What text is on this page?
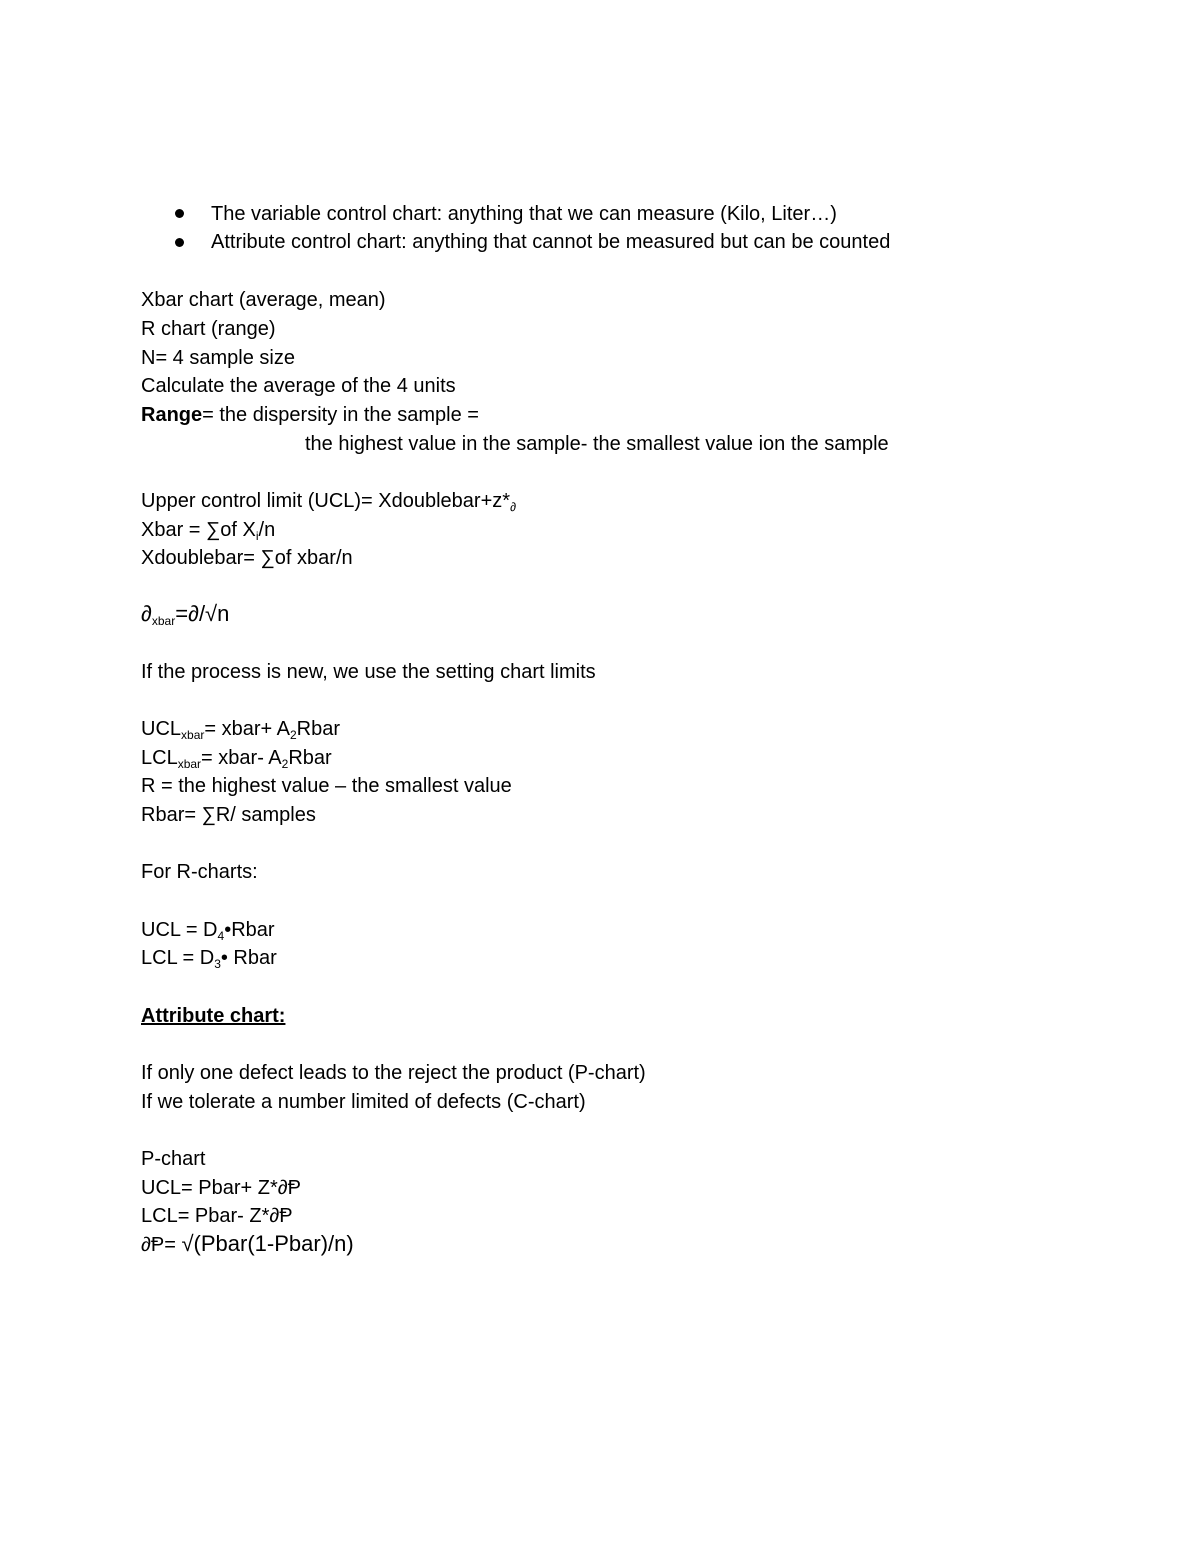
The variable control chart: anything that we can measure (Kilo, Liter…)
Attribute control chart: anything that cannot be measured but can be counted
Xbar chart (average, mean)
R chart (range)
N= 4 sample size
Calculate the average of the 4 units
Range= the dispersity in the sample =
the highest value in the sample- the smallest value ion the sample
Upper control limit $(UCL)= Xdoublebar+z*_\partial$
Xbar = ∑of $X_i/n$
Xdoublebar= ∑of xbar/n
$\partial_{xbar}=\partial/√n$
If the process is new, we use the setting chart limits
$UCL_{xbar}=$ xbar+ $A_2Rbar$
$LCL_{xbar}=$ xbar- $A_2Rbar$
R = the highest value – the smallest value
Rbar= ∑R/ samples
For R-charts:
UCL = $D_4•Rbar$
LCL = $D_3•$ Rbar
Attribute chart:
If only one defect leads to the reject the product (P-chart)
If we tolerate a number limited of defects (C-chart)
P-chart
UCL= Pbar+ Z*∂Ᵽ
LCL= Pbar- Z*∂Ᵽ
∂Ᵽ= √(Pbar(1-Pbar)/n)
